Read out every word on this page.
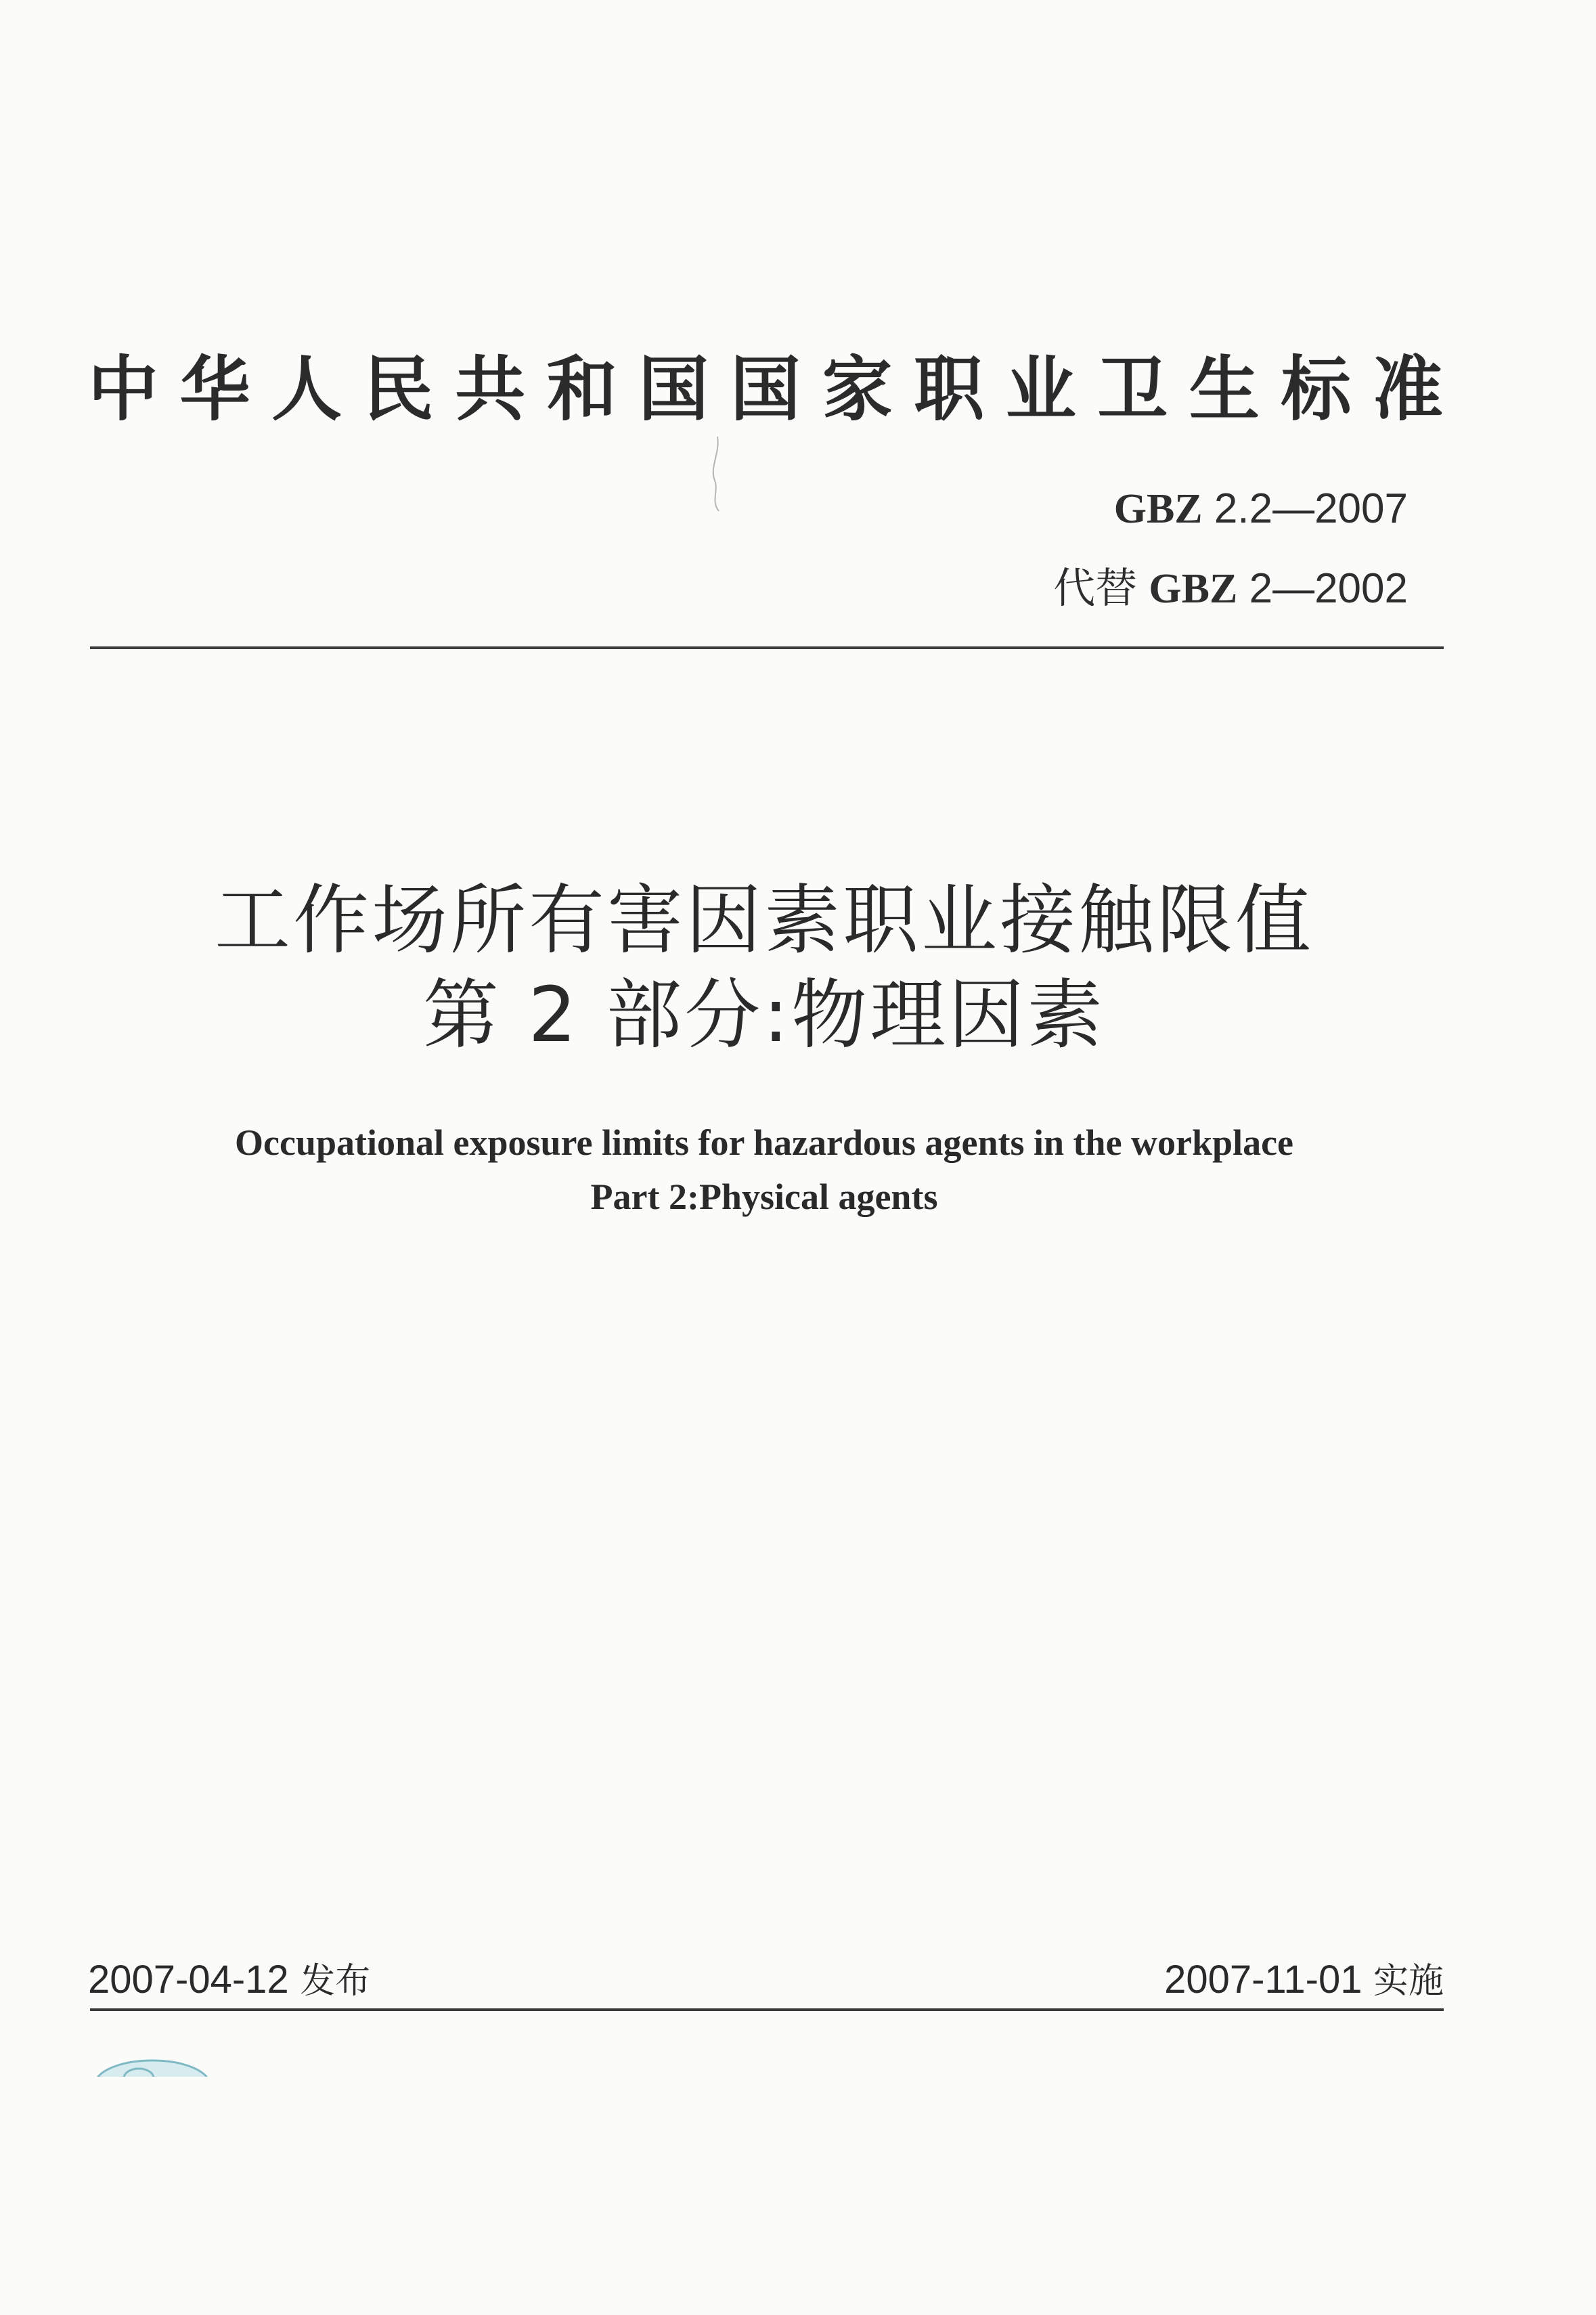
中华人民共和国国家职业卫生标准
GBZ 2.2—2007
代替 GBZ 2—2002
工作场所有害因素职业接触限值
第 2 部分:物理因素
Occupational exposure limits for hazardous agents in the workplace
Part 2:Physical agents
2007-04-12 发布	2007-11-01 实施
